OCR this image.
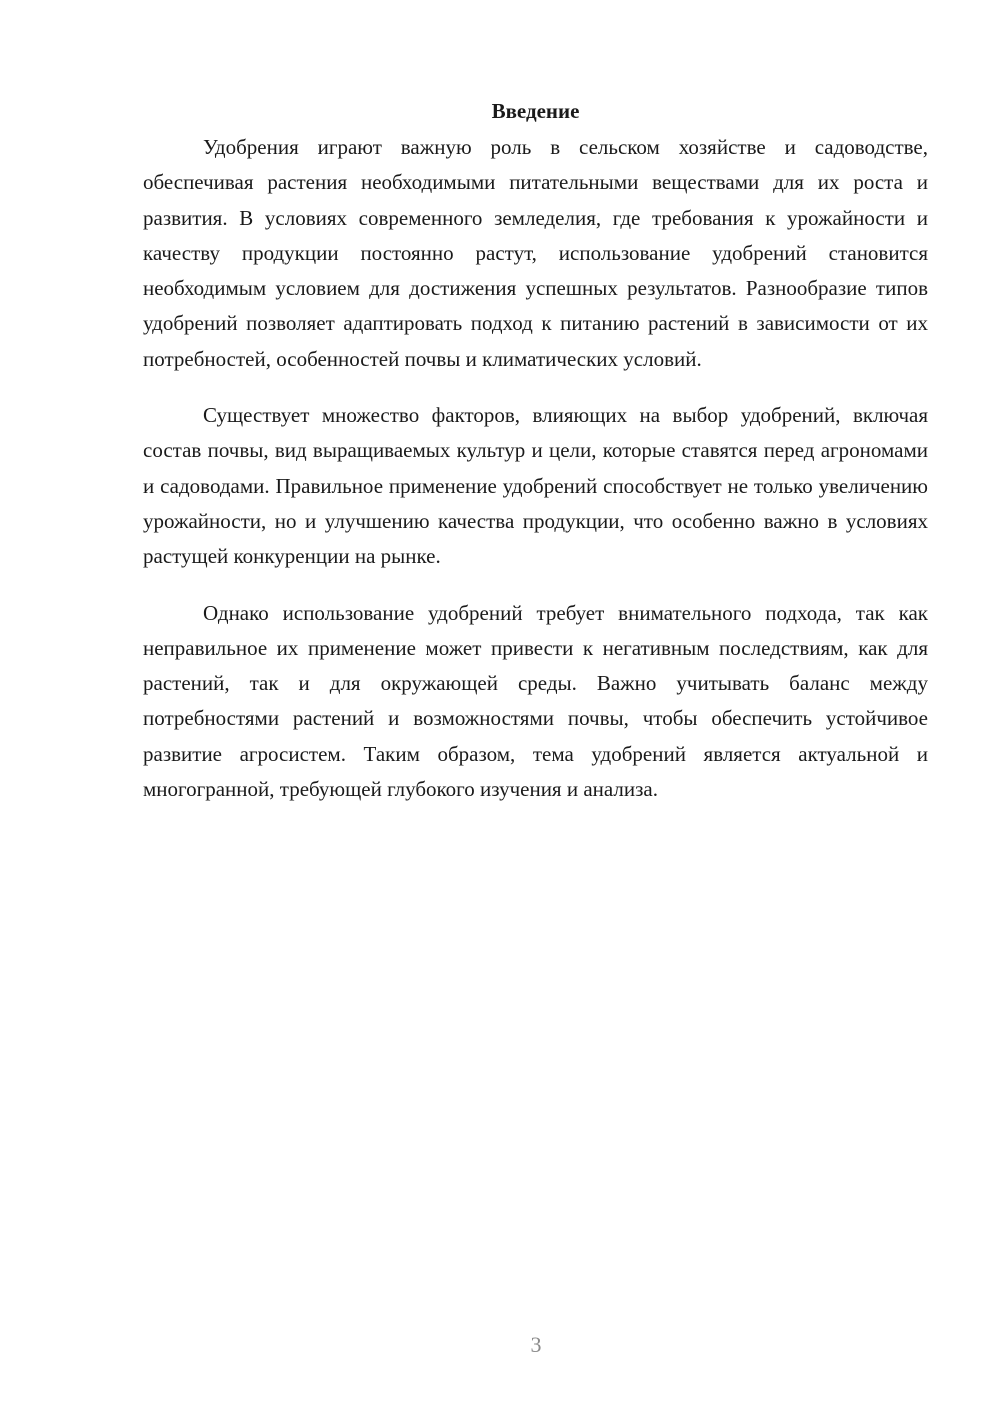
Введение

Удобрения играют важную роль в сельском хозяйстве и садоводстве, обеспечивая растения необходимыми питательными веществами для их роста и развития. В условиях современного земледелия, где требования к урожайности и качеству продукции постоянно растут, использование удобрений становится необходимым условием для достижения успешных результатов. Разнообразие типов удобрений позволяет адаптировать подход к питанию растений в зависимости от их потребностей, особенностей почвы и климатических условий.

Существует множество факторов, влияющих на выбор удобрений, включая состав почвы, вид выращиваемых культур и цели, которые ставятся перед агрономами и садоводами. Правильное применение удобрений способствует не только увеличению урожайности, но и улучшению качества продукции, что особенно важно в условиях растущей конкуренции на рынке.

Однако использование удобрений требует внимательного подхода, так как неправильное их применение может привести к негативным последствиям, как для растений, так и для окружающей среды. Важно учитывать баланс между потребностями растений и возможностями почвы, чтобы обеспечить устойчивое развитие агросистем. Таким образом, тема удобрений является актуальной и многогранной, требующей глубокого изучения и анализа.

3
